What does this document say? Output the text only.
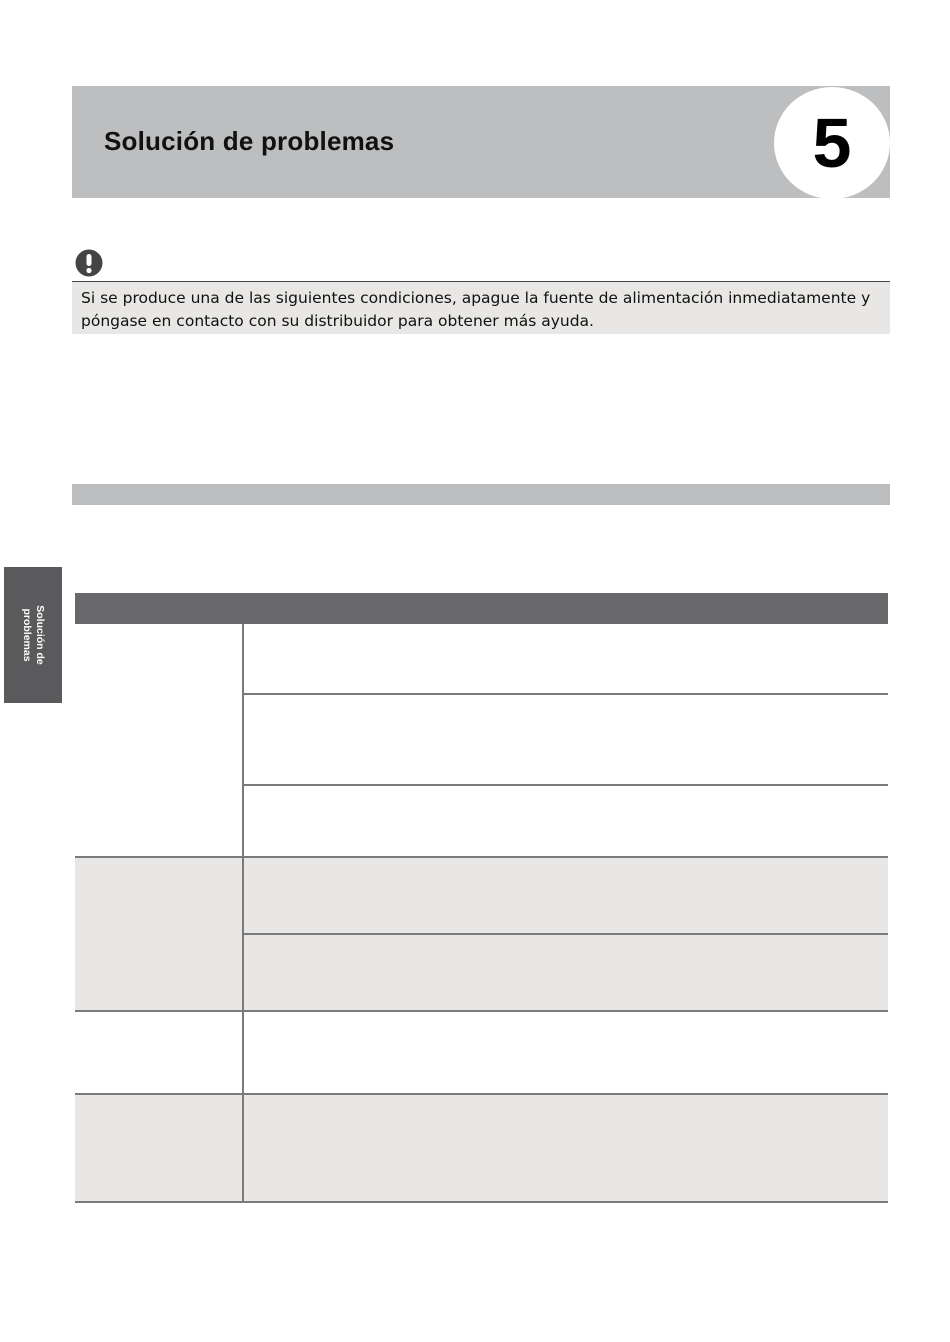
Solución de problemas	5
Si se produce una de las siguientes condiciones, apague la fuente de alimentación inmediatamente y póngase en contacto con su distribuidor para obtener más ayuda.
Solución de
problemas
